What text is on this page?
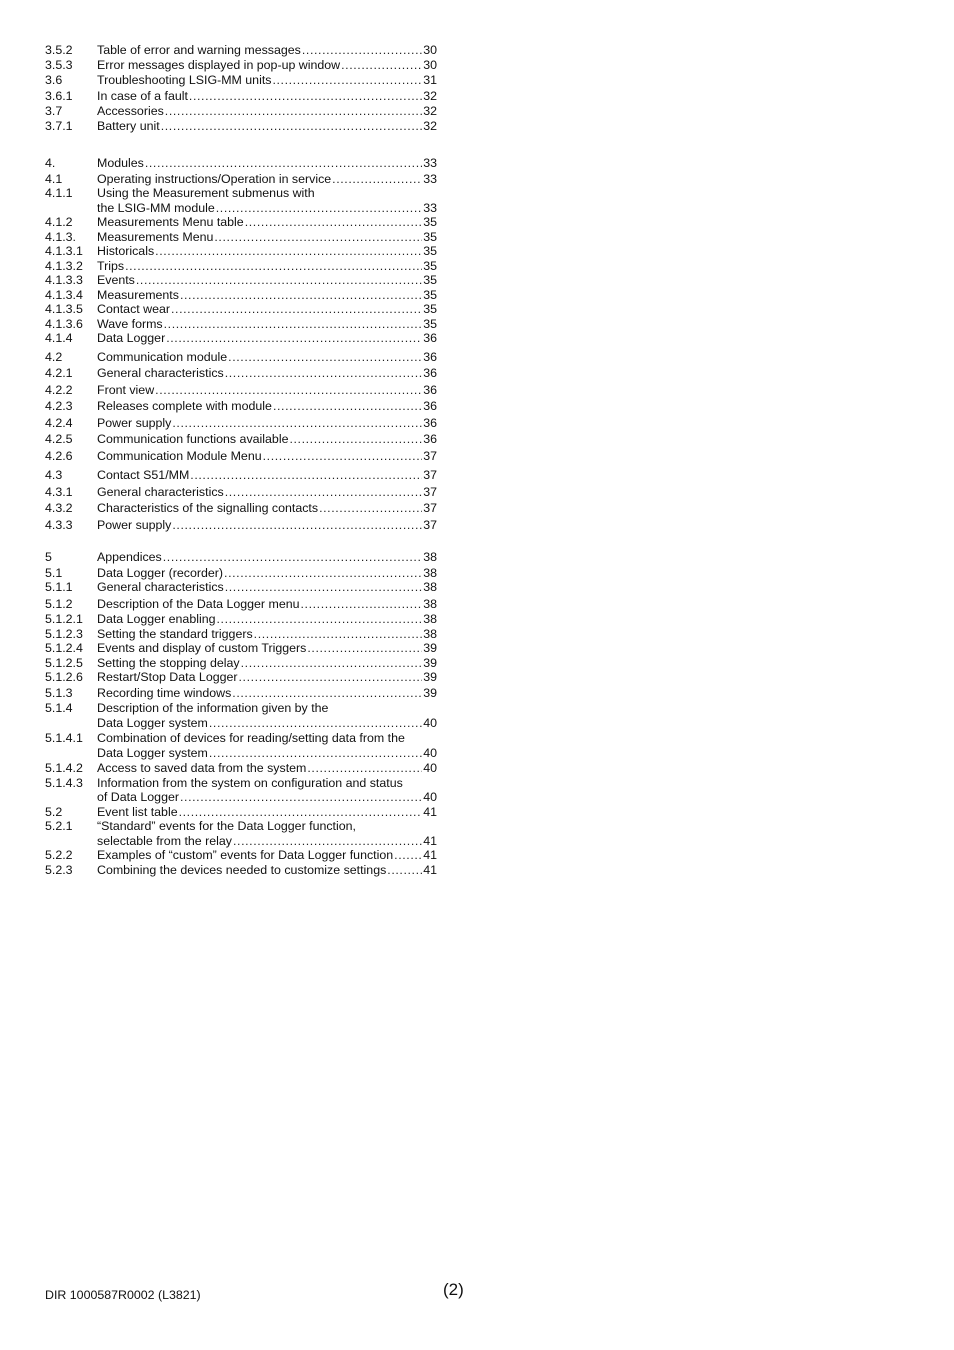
3.5.2	Table of error and warning messages .....	30
3.5.3	Error messages displayed in pop-up window .....	30
3.6	Troubleshooting LSIG-MM units .....	31
3.6.1	In case of a fault .....	32
3.7	Accessories .....	32
3.7.1	Battery unit .....	32
4.	Modules .....	33
4.1	Operating instructions/Operation in service .....	33
4.1.1	Using the Measurement submenus with
the LSIG-MM module .....	33
4.1.2	Measurements Menu table .....	35
4.1.3.	Measurements Menu .....	35
4.1.3.1	Historicals .....	35
4.1.3.2	Trips .....	35
4.1.3.3	Events .....	35
4.1.3.4	Measurements .....	35
4.1.3.5	Contact wear .....	35
4.1.3.6	Wave forms .....	35
4.1.4	Data Logger .....	36
4.2	Communication module .....	36
4.2.1	General characteristics .....	36
4.2.2	Front view .....	36
4.2.3	Releases complete with module .....	36
4.2.4	Power supply .....	36
4.2.5	Communication functions available .....	36
4.2.6	Communication Module Menu .....	37
4.3	Contact S51/MM .....	37
4.3.1	General characteristics .....	37
4.3.2	Characteristics of the signalling contacts .....	37
4.3.3	Power supply .....	37
5	Appendices .....	38
5.1	Data Logger (recorder) .....	38
5.1.1	General characteristics .....	38
5.1.2	Description of the Data Logger menu .....	38
5.1.2.1	Data Logger enabling .....	38
5.1.2.3	Setting the standard triggers .....	38
5.1.2.4	Events and display of custom Triggers .....	39
5.1.2.5	Setting the stopping delay .....	39
5.1.2.6	Restart/Stop Data Logger .....	39
5.1.3	Recording time windows .....	39
5.1.4	Description of the information given by the
Data Logger system .....	40
5.1.4.1	Combination of devices for reading/setting data from the
Data Logger system .....	40
5.1.4.2	Access to saved data from the system .....	40
5.1.4.3	Information from the system on configuration and status
of Data Logger .....	40
5.2	Event list table .....	41
5.2.1	“Standard” events for the Data Logger function,
selectable from the relay .....	41
5.2.2	Examples of “custom” events for Data Logger function ..... 41
5.2.3	Combining the devices needed to customize settings .....	41
DIR 1000587R0002 (L3821)	(2)
